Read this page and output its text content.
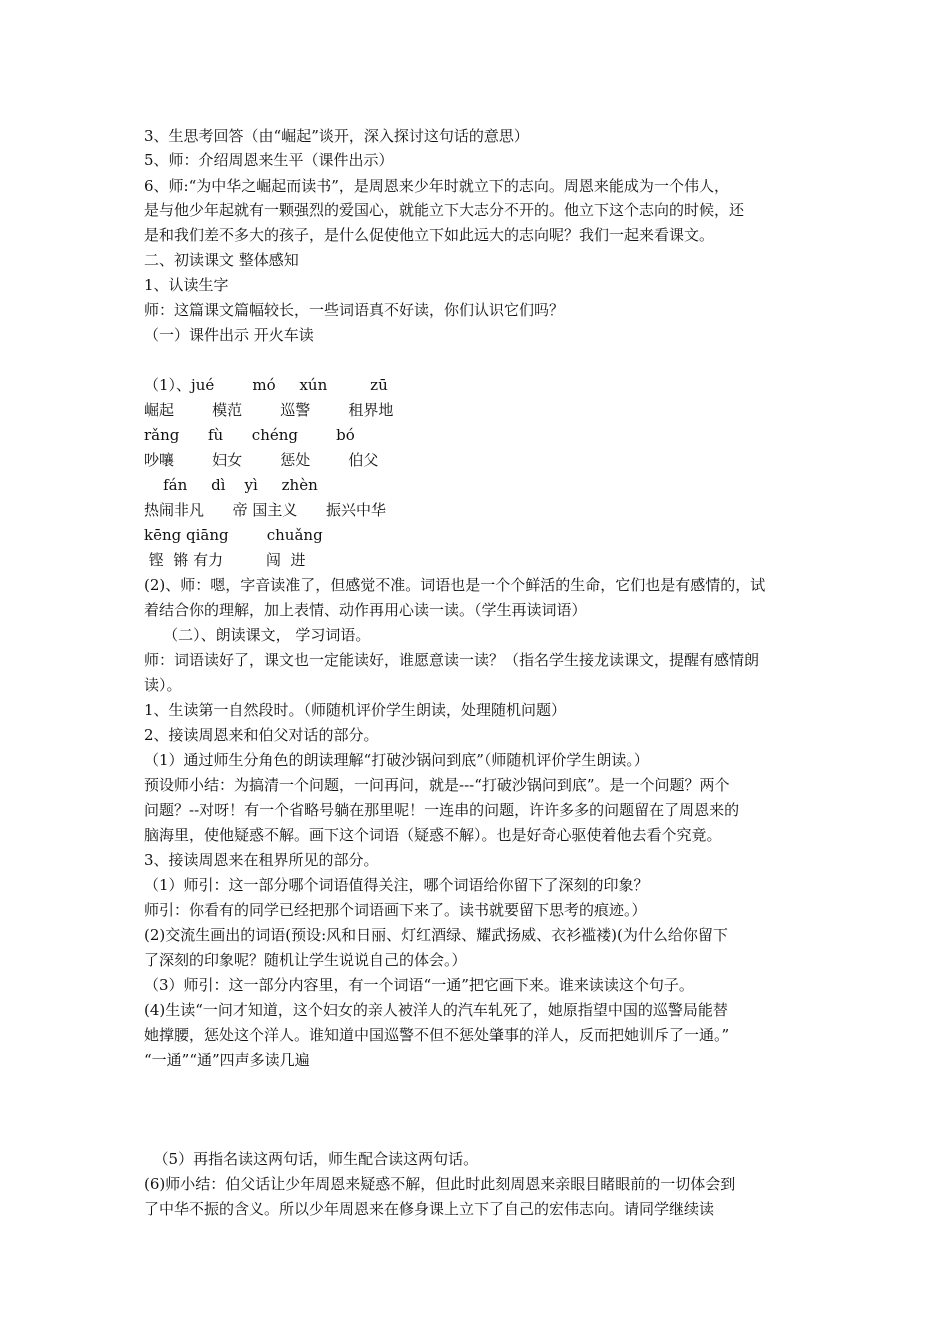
3、生思考回答（由“崛起”谈开，深入探讨这句话的意思）
5、师：介绍周恩来生平（课件出示）
6、师:“为中华之崛起而读书”，是周恩来少年时就立下的志向。周恩来能成为一个伟人，
是与他少年起就有一颗强烈的爱国心，就能立下大志分不开的。他立下这个志向的时候，还
是和我们差不多大的孩子，是什么促使他立下如此远大的志向呢？我们一起来看课文。
二、初读课文 整体感知
1、认读生字
师：这篇课文篇幅较长，一些词语真不好读，你们认识它们吗？
（一）课件出示 开火车读
（1）、jué        mó     xún         zū
崛起        模范        巡警        租界地
rǎng      fù      chéng        bó
吵嚷        妇女        惩处        伯父
fán     dì    yì     zhèn
热闹非凡      帝 国主义      振兴中华
kēng qiāng        chuǎng
铿  锵 有力         闯  进
(2)、师：嗯，字音读准了，但感觉不准。词语也是一个个鲜活的生命，它们也是有感情的，试
着结合你的理解，加上表情、动作再用心读一读。（学生再读词语）
（二）、朗读课文， 学习词语。
师：词语读好了，课文也一定能读好，谁愿意读一读？（指名学生接龙读课文，提醒有感情朗
读）。
1、生读第一自然段时。（师随机评价学生朗读，处理随机问题）
2、接读周恩来和伯父对话的部分。
（1）通过师生分角色的朗读理解“打破沙锅问到底”（师随机评价学生朗读。）
预设师小结：为搞清一个问题，一问再问，就是---“打破沙锅问到底”。是一个问题？两个
问题？--对呀！有一个省略号躺在那里呢！一连串的问题，许许多多的问题留在了周恩来的
脑海里，使他疑惑不解。画下这个词语（疑惑不解）。也是好奇心驱使着他去看个究竟。
3、接读周恩来在租界所见的部分。
（1）师引：这一部分哪个词语值得关注，哪个词语给你留下了深刻的印象？
师引：你看有的同学已经把那个词语画下来了。读书就要留下思考的痕迹。）
(2)交流生画出的词语(预设:风和日丽、灯红酒绿、耀武扬威、衣衫褴褛)(为什么给你留下
了深刻的印象呢？随机让学生说说自己的体会。）
（3）师引：这一部分内容里，有一个词语“一通”把它画下来。谁来读读这个句子。
(4)生读“一问才知道，这个妇女的亲人被洋人的汽车轧死了，她原指望中国的巡警局能替
她撑腰，惩处这个洋人。谁知道中国巡警不但不惩处肇事的洋人，反而把她训斥了一通。”
“一通”“通”四声多读几遍
（5）再指名读这两句话，师生配合读这两句话。
(6)师小结：伯父话让少年周恩来疑惑不解，但此时此刻周恩来亲眼目睹眼前的一切体会到
了中华不振的含义。所以少年周恩来在修身课上立下了自己的宏伟志向。请同学继续读
